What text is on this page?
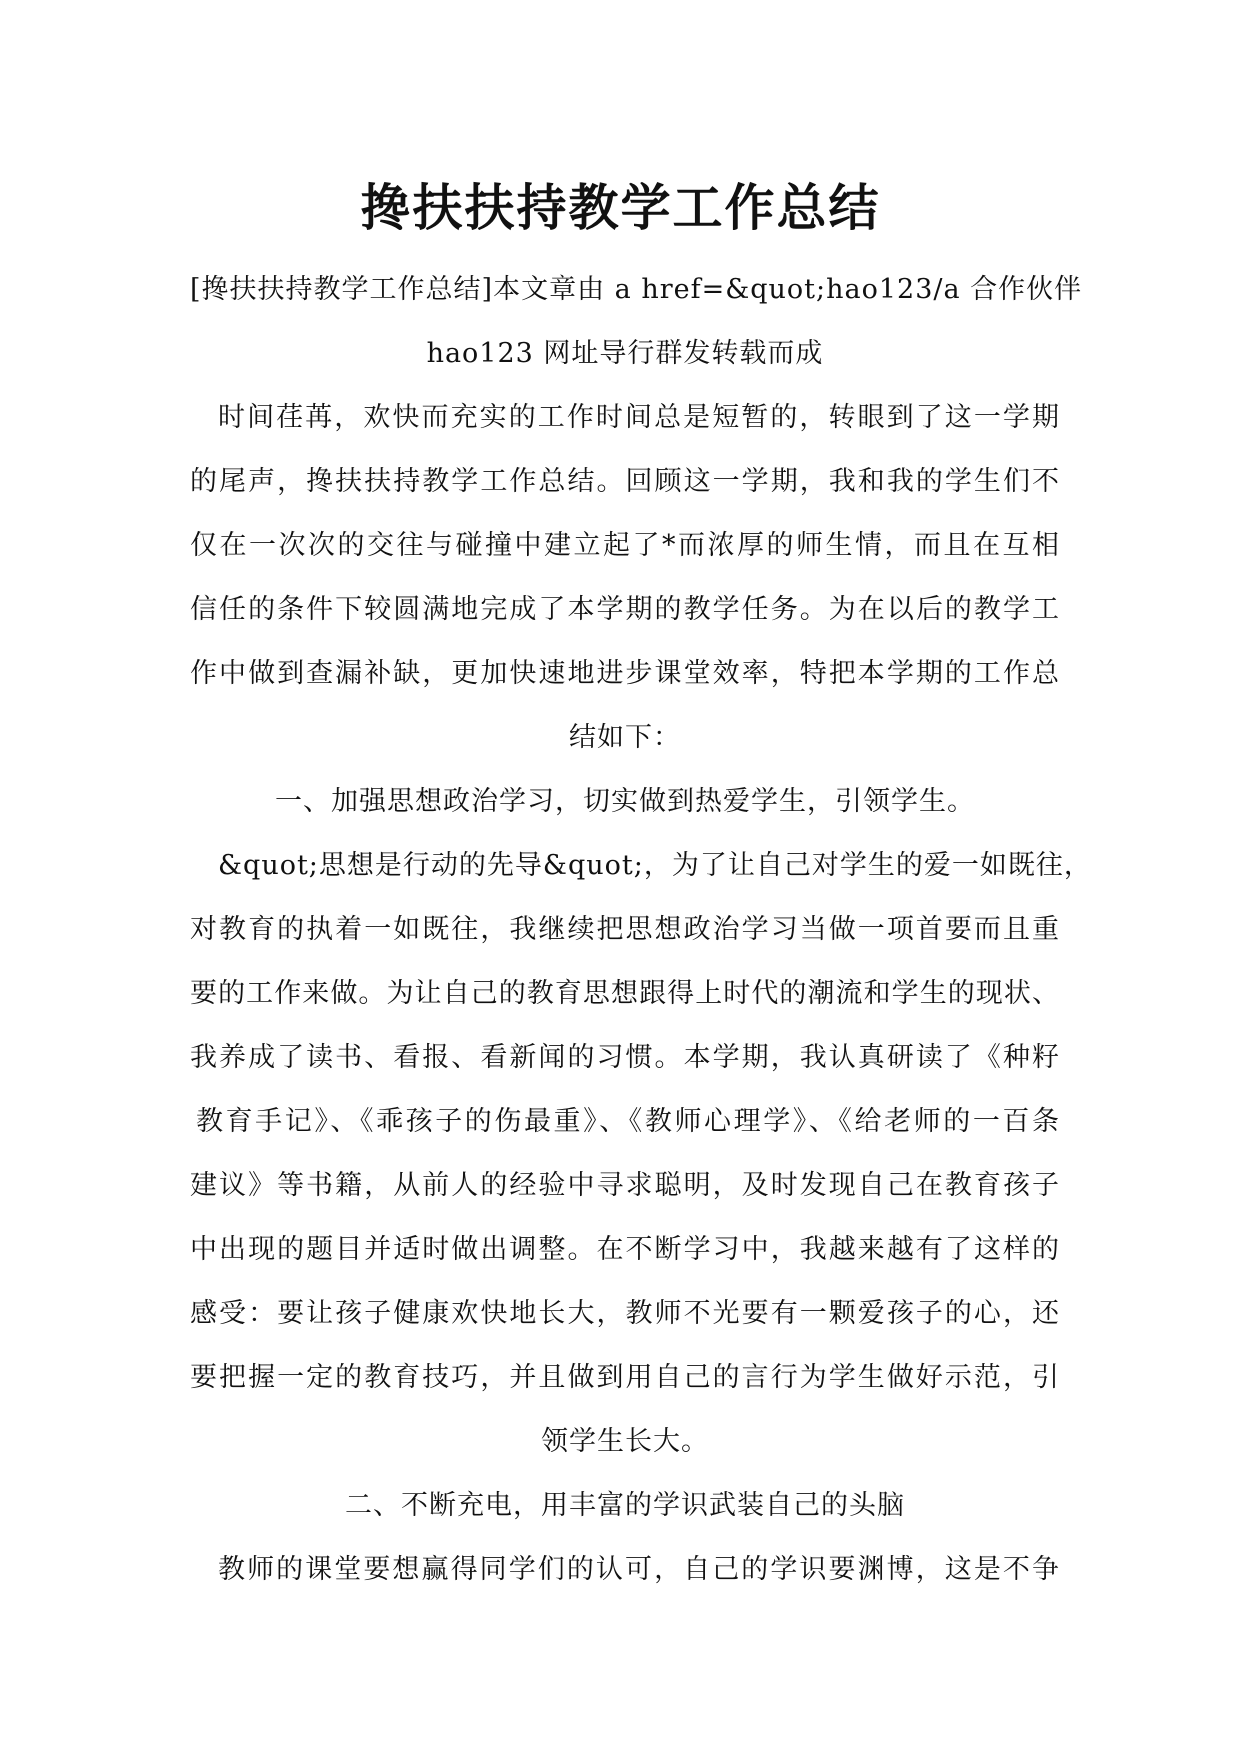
搀扶扶持教学工作总结
[搀扶扶持教学工作总结]本文章由 a href=&quot;hao123/a 合作伙伴
hao123 网址导行群发转载而成
时间荏苒，欢快而充实的工作时间总是短暂的，转眼到了这一学期
的尾声，搀扶扶持教学工作总结。回顾这一学期，我和我的学生们不
仅在一次次的交往与碰撞中建立起了*而浓厚的师生情，而且在互相
信任的条件下较圆满地完成了本学期的教学任务。为在以后的教学工
作中做到查漏补缺，更加快速地进步课堂效率，特把本学期的工作总
结如下：
一、加强思想政治学习，切实做到热爱学生，引领学生。
&quot;思想是行动的先导&quot;，为了让自己对学生的爱一如既往，
对教育的执着一如既往，我继续把思想政治学习当做一项首要而且重
要的工作来做。为让自己的教育思想跟得上时代的潮流和学生的现状、
我养成了读书、看报、看新闻的习惯。本学期，我认真研读了《种籽
教育手记》、《乖孩子的伤最重》、《教师心理学》、《给老师的一百条
建议》等书籍，从前人的经验中寻求聪明，及时发现自己在教育孩子
中出现的题目并适时做出调整。在不断学习中，我越来越有了这样的
感受：要让孩子健康欢快地长大，教师不光要有一颗爱孩子的心，还
要把握一定的教育技巧，并且做到用自己的言行为学生做好示范，引
领学生长大。
二、不断充电，用丰富的学识武装自己的头脑
教师的课堂要想赢得同学们的认可，自己的学识要渊博，这是不争
